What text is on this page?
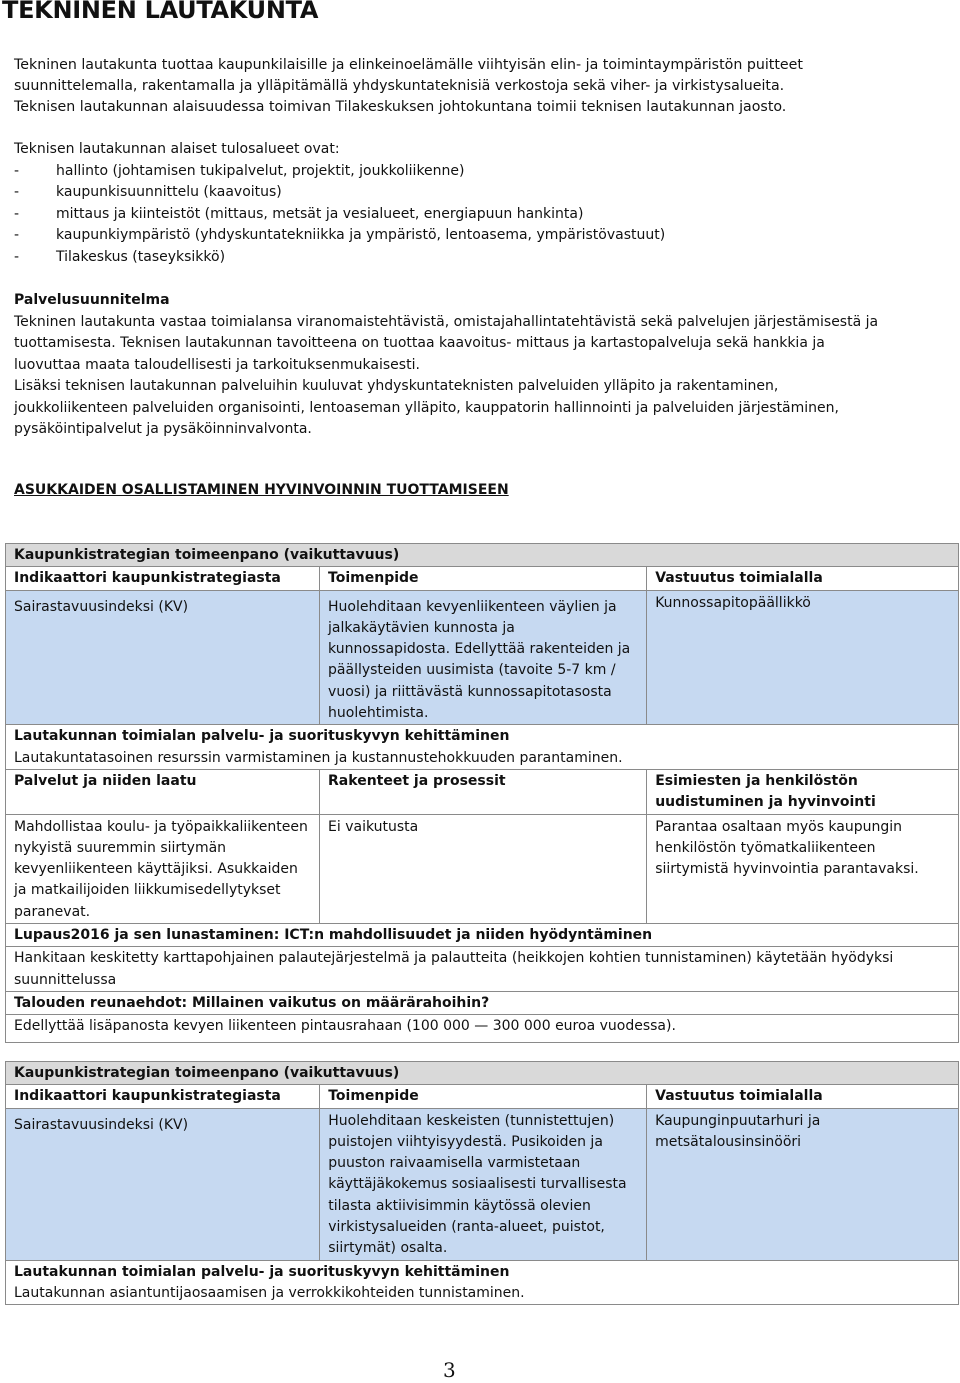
TEKNINEN LAUTAKUNTA

Tekninen lautakunta tuottaa kaupunkilaisille ja elinkeinoelämälle viihtyisän elin- ja toimintaympäristön puitteet suunnittelemalla, rakentamalla ja ylläpitämällä yhdyskuntateknisiä verkostoja sekä viher- ja virkistysalueita.

Teknisen lautakunnan alaisuudessa toimivan Tilakeskuksen johtokuntana toimii teknisen lautakunnan jaosto.

Teknisen lautakunnan alaiset tulosalueet ovat:
-	hallinto (johtamisen tukipalvelut, projektit, joukkoliikenne)
-	kaupunkisuunnittelu (kaavoitus)
-	mittaus ja kiinteistöt (mittaus, metsät ja vesialueet, energiapuun hankinta)
-	kaupunkiympäristö (yhdyskuntatekniikka ja ympäristö, lentoasema, ympäristövastuut)
-	Tilakeskus (taseyksikkö)

Palvelusuunnitelma

Tekninen lautakunta vastaa toimialansa viranomaistehtävistä, omistajahallintatehtävistä sekä palvelujen järjestämisestä ja tuottamisesta. Teknisen lautakunnan tavoitteena on tuottaa kaavoitus- mittaus ja kartastopalveluja sekä hankkia ja luovuttaa maata taloudellisesti ja tarkoituksenmukaisesti.

Lisäksi teknisen lautakunnan palveluihin kuuluvat yhdyskuntateknisten palveluiden ylläpito ja rakentaminen, joukkoliikenteen palveluiden organisointi, lentoaseman ylläpito, kauppatorin hallinnointi ja palveluiden järjestäminen, pysäköintipalvelut ja pysäköinninvalvonta.

ASUKKAIDEN OSALLISTAMINEN HYVINVOINNIN TUOTTAMISEEN
Kaupunkistrategian toimeenpano (vaikuttavuus)		
Indikaattori kaupunkistrategiasta	Toimenpide	Vastuutus toimialalla
Sairastavuusindeksi (KV)	Huolehditaan kevyenliikenteen väylien ja jalkakäytävien kunnosta ja kunnossapidosta. Edellyttää rakenteiden ja päällysteiden uusimista (tavoite 5-7 km / vuosi) ja riittävästä kunnossapitotasosta huolehtimista.	Kunnossapitopäällikkö

Lautakunnan toimialan palvelu- ja suorituskyvyn kehittäminen
Lautakuntatasoinen resurssin varmistaminen ja kustannustehokkuuden parantaminen.		

Palvelut ja niiden laatu	Rakenteet ja prosessit	Esimiesten ja henkilöstön uudistuminen ja hyvinvointi
Mahdollistaa koulu- ja työpaikkaliikenteen nykyistä suuremmin siirtymän kevyenliikenteen käyttäjiksi. Asukkaiden ja matkailijoiden liikkumisedellytykset paranevat.	Ei vaikutusta	Parantaa osaltaan myös kaupungin henkilöstön työmatkaliikenteen siirtymistä hyvinvointia parantavaksi.
Lupaus2016 ja sen lunastaminen: ICT:n mahdollisuudet ja niiden hyödyntäminen		
Hankitaan keskitetty karttapohjainen palautejärjestelmä ja palautteita (heikkojen kohtien tunnistaminen) käytetään hyödyksi suunnittelussa		
Talouden reunaehdot: Millainen vaikutus on määrärahoihin?		
Edellyttää lisäpanosta kevyen liikenteen pintausrahaan (100 000 — 300 000 euroa vuodessa).		
Kaupunkistrategian toimeenpano (vaikuttavuus)		
Indikaattori kaupunkistrategiasta	Toimenpide	Vastuutus toimialalla
Sairastavuusindeksi (KV)	Huolehditaan keskeisten (tunnistettujen) puistojen viihtyisyydestä. Pusikoiden ja puuston raivaamisella varmistetaan käyttäjäkokemus sosiaalisesti turvallisesta tilasta aktiivisimmin käytössä olevien virkistysalueiden (ranta-alueet, puistot, siirtymät) osalta.	Kaupunginpuutarhuri ja metsätalousinsinööri

Lautakunnan toimialan palvelu- ja suorituskyvyn kehittäminen
Lautakunnan asiantuntijaosaamisen ja verrokkikohteiden tunnistaminen.		
3
